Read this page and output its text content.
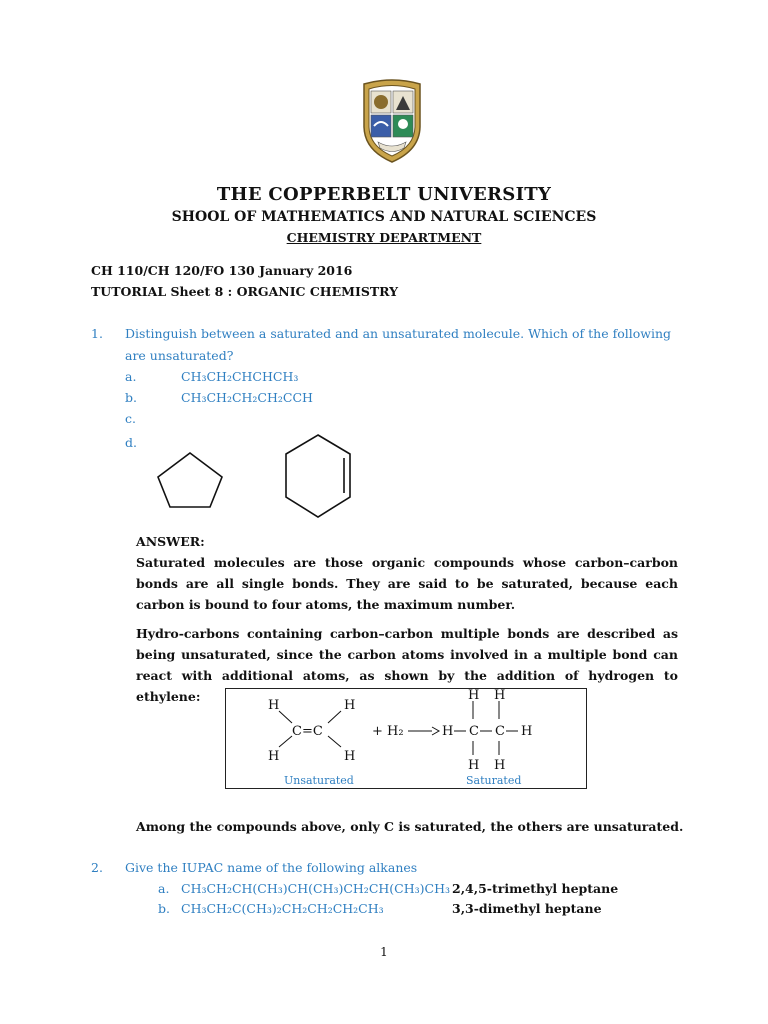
THE COPPERBELT UNIVERSITY
SHOOL OF MATHEMATICS AND NATURAL SCIENCES
CHEMISTRY DEPARTMENT
CH 110/CH 120/FO 130 January 2016
TUTORIAL Sheet 8 : ORGANIC CHEMISTRY
1. Distinguish between a saturated and an unsaturated molecule. Which of the following are unsaturated?
a.	CH₃CH₂CHCHCH₃
b.	CH₃CH₂CH₂CH₂CCH
c.
d.
ANSWER:
Saturated molecules are those organic compounds whose carbon–carbon bonds are all single bonds. They are said to be saturated, because each carbon is bound to four atoms, the maximum number.
Hydro-carbons containing carbon–carbon multiple bonds are described as being unsaturated, since the carbon atoms involved in a multiple bond can react with additional atoms, as shown by the addition of hydrogen to ethylene:
H	H
H	H
C=C	+ H₂	H C C H
H H
H H
Unsaturated	Saturated
Among the compounds above, only C is saturated, the others are unsaturated.
2. Give the IUPAC name of the following alkanes
a. CH₃CH₂CH(CH₃)CH(CH₃)CH₂CH(CH₃)CH₃ 2,4,5-trimethyl heptane
b. CH₃CH₂C(CH₃)₂CH₂CH₂CH₂CH₃	3,3-dimethyl heptane
1
